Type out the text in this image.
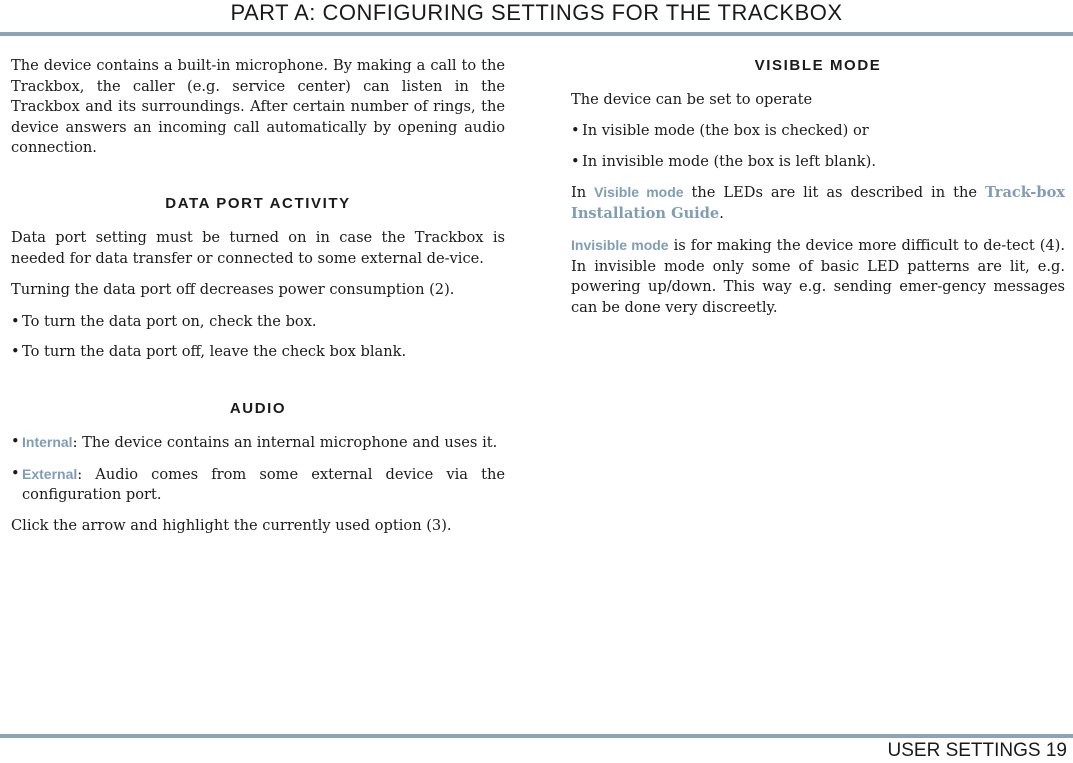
PART A: CONFIGURING SETTINGS FOR THE TRACKBOX

The device contains a built-in microphone. By making a call to the Trackbox, the caller (e.g. service center) can listen in the Trackbox and its surroundings. After certain number of rings, the device answers an incoming call automatically by opening audio connection.

DATA PORT ACTIVITY

Data port setting must be turned on in case the Trackbox is needed for data transfer or connected to some external de-vice.

Turning the data port off decreases power consumption (2).

• To turn the data port on, check the box.
• To turn the data port off, leave the check box blank.
AUDIO
• Internal: The device contains an internal microphone and uses it.
• External: Audio comes from some external device via the configuration port.

Click the arrow and highlight the currently used option (3).

VISIBLE MODE

The device can be set to operate

• In visible mode (the box is checked) or
• In invisible mode (the box is left blank).

In Visible mode the LEDs are lit as described in the Track-box Installation Guide.

Invisible mode is for making the device more difficult to de-tect (4). In invisible mode only some of basic LED patterns are lit, e.g. powering up/down. This way e.g. sending emer-gency messages can be done very discreetly.

USER SETTINGS 19
